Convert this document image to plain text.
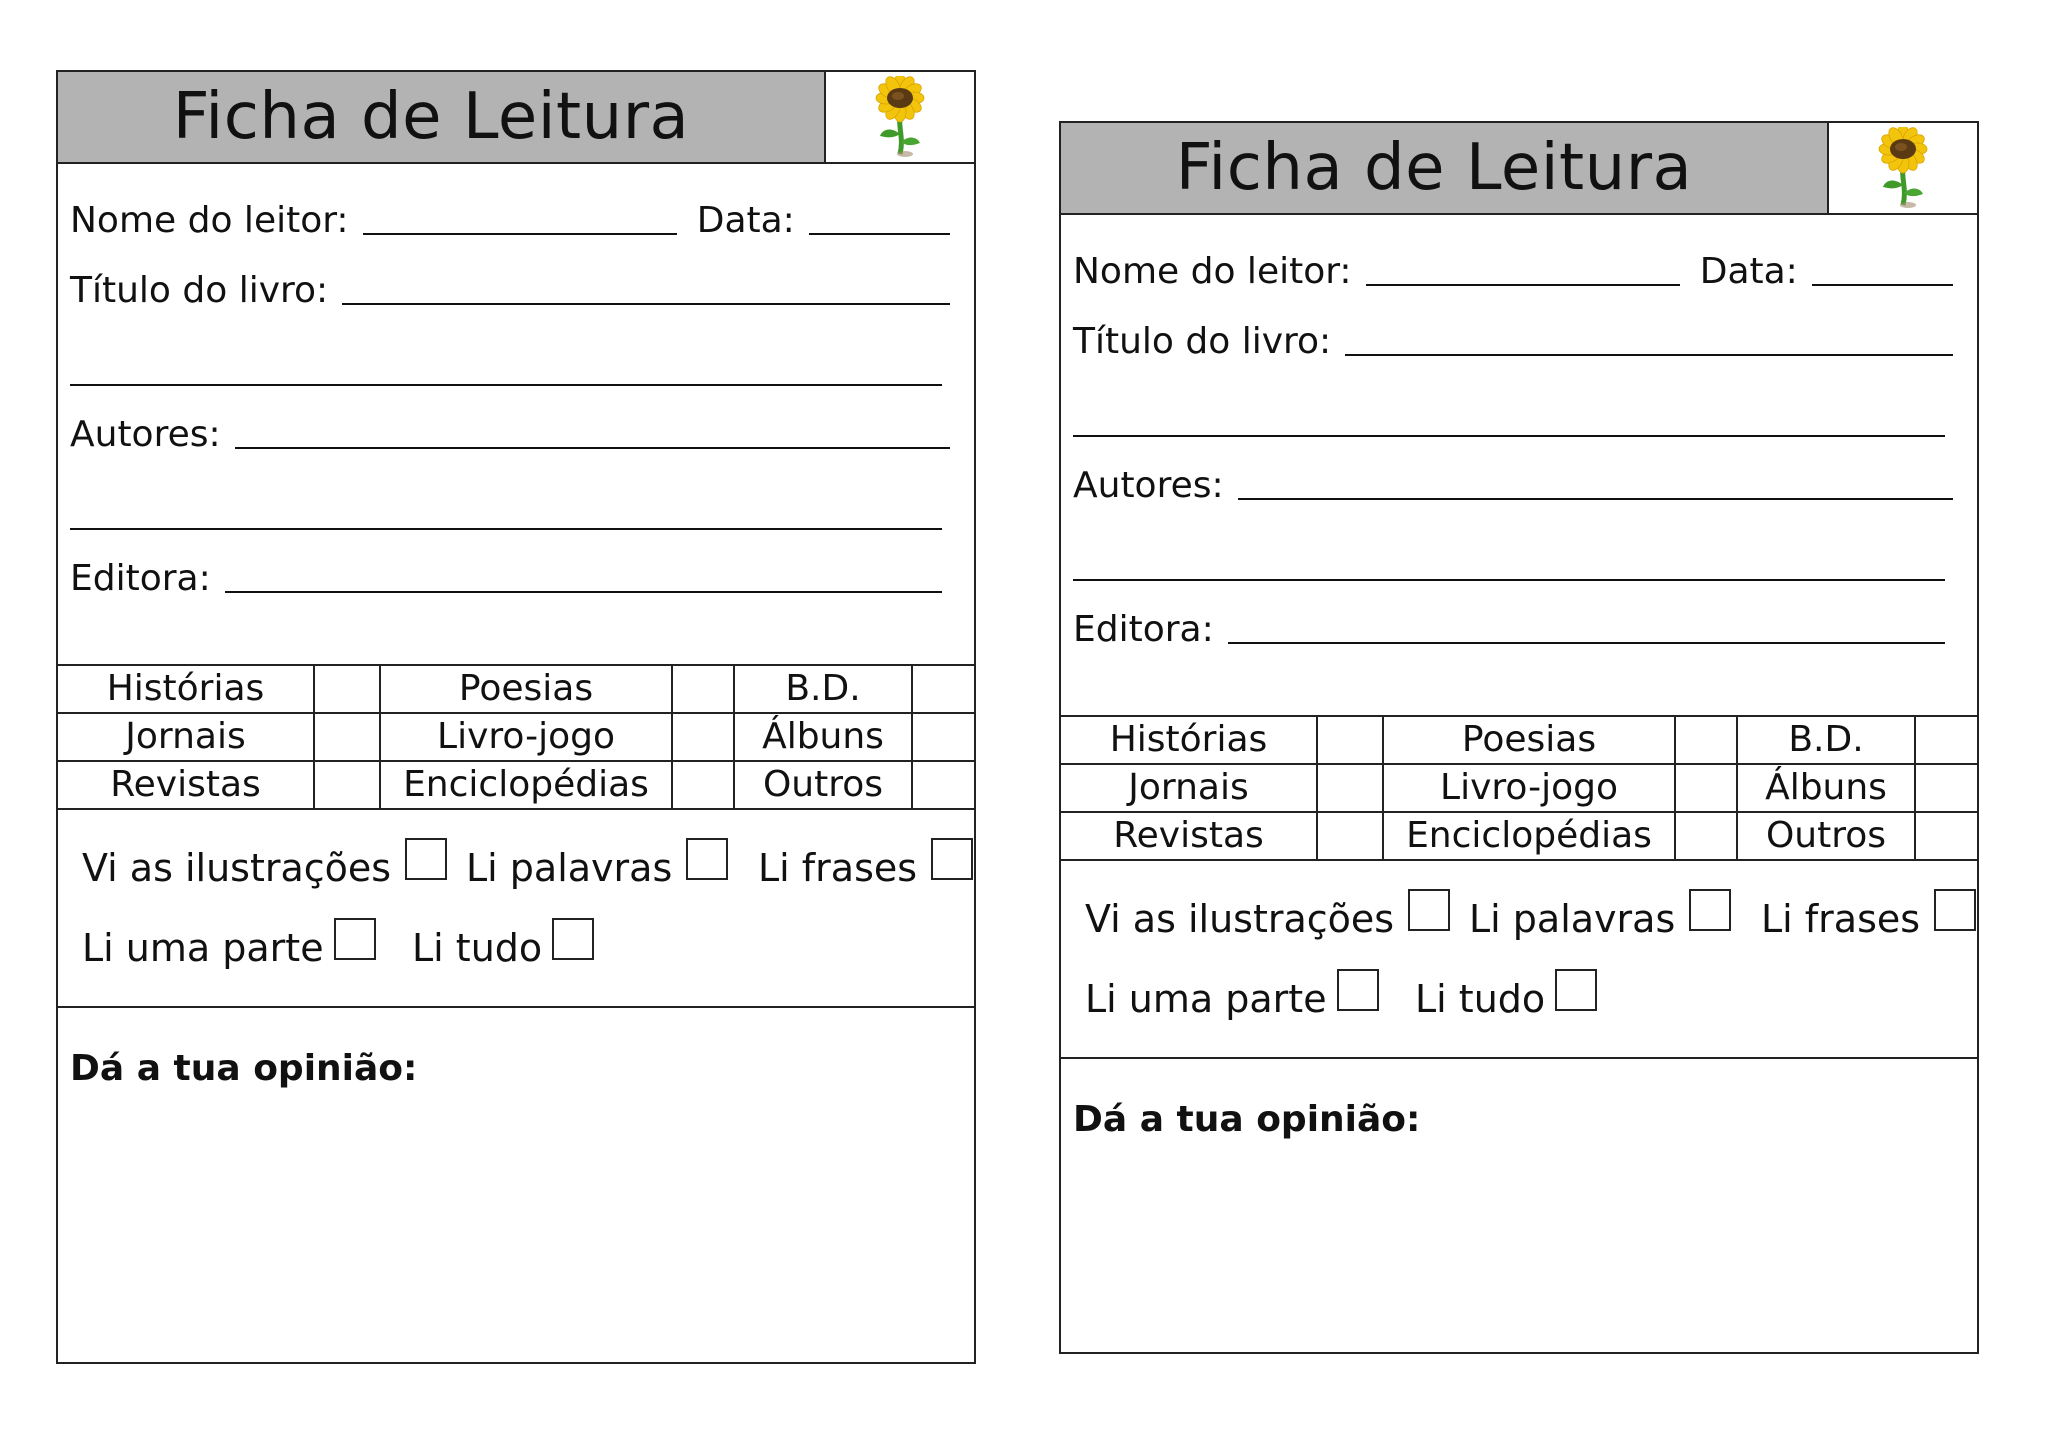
Ficha de Leitura
Nome do leitor:	Data:
Título do livro:
Autores:
Editora:
Histórias		Poesias		B.D.	
Jornais		Livro-jogo		Álbuns	
Revistas		Enciclopédias		Outros	
Vi as ilustrações Li palavras Li frases
Li uma parte Li tudo
Dá a tua opinião:
Ficha de Leitura
Nome do leitor:	Data:
Título do livro:
Autores:
Editora:
Histórias		Poesias		B.D.	
Jornais		Livro-jogo		Álbuns	
Revistas		Enciclopédias		Outros	
Vi as ilustrações Li palavras Li frases
Li uma parte Li tudo
Dá a tua opinião:
